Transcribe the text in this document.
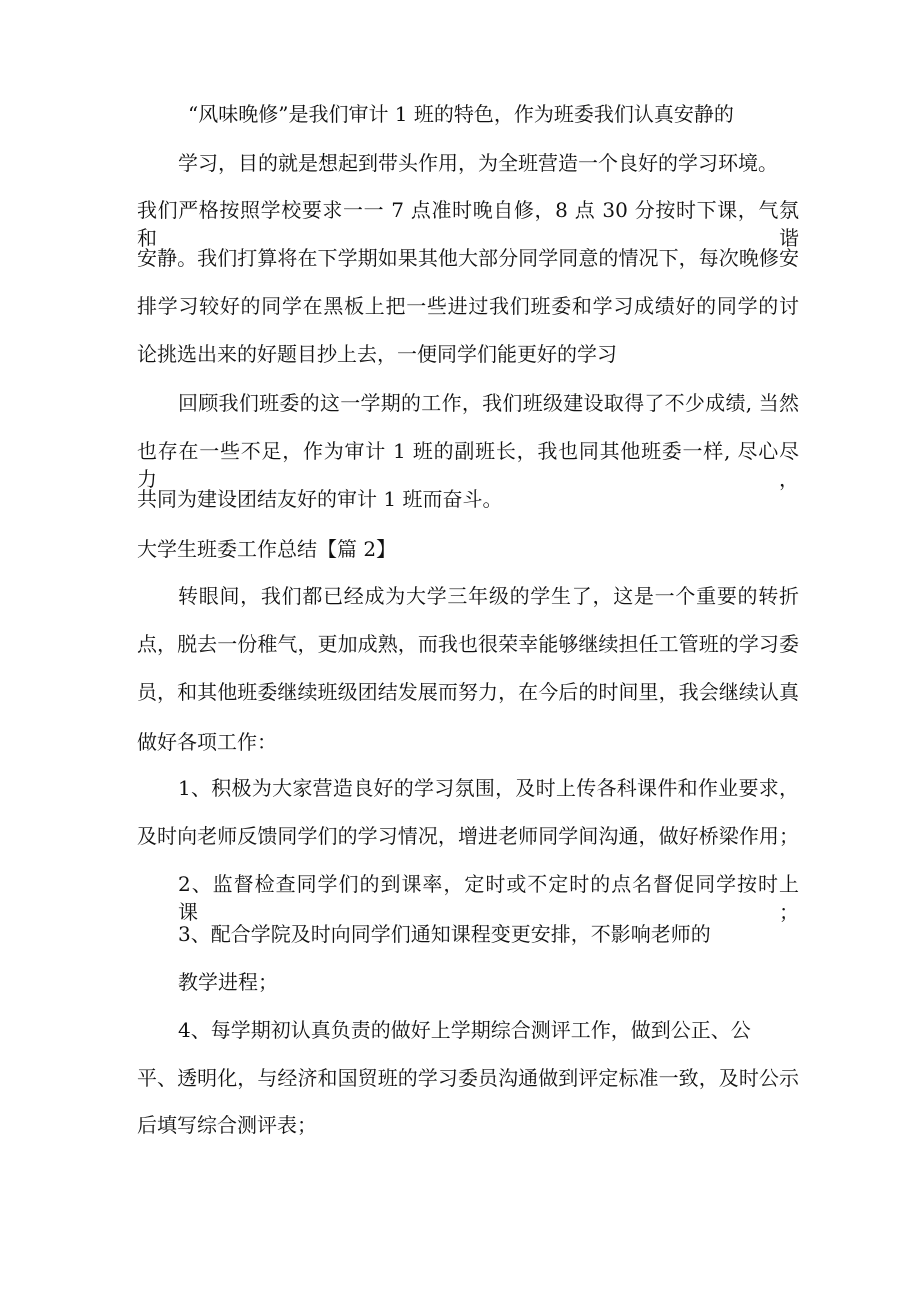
“风味晚修”是我们审计 1 班的特色，作为班委我们认真安静的
学习，目的就是想起到带头作用，为全班营造一个良好的学习环境。
我们严格按照学校要求一一 7 点准时晚自修，8 点 30 分按时下课，气氛和谐
安静。我们打算将在下学期如果其他大部分同学同意的情况下，每次晚修安
排学习较好的同学在黑板上把一些进过我们班委和学习成绩好的同学的讨
论挑选出来的好题目抄上去，一便同学们能更好的学习
回顾我们班委的这一学期的工作，我们班级建设取得了不少成绩, 当然
也存在一些不足，作为审计 1 班的副班长，我也同其他班委一样, 尽心尽力，
共同为建设团结友好的审计 1 班而奋斗。
大学生班委工作总结【篇 2】
转眼间，我们都已经成为大学三年级的学生了，这是一个重要的转折
点，脱去一份稚气，更加成熟，而我也很荣幸能够继续担任工管班的学习委
员，和其他班委继续班级团结发展而努力，在今后的时间里，我会继续认真
做好各项工作：
1、积极为大家营造良好的学习氛围，及时上传各科课件和作业要求，
及时向老师反馈同学们的学习情况，增进老师同学间沟通，做好桥梁作用；
2、监督检查同学们的到课率，定时或不定时的点名督促同学按时上课；
3、配合学院及时向同学们通知课程变更安排，不影响老师的
教学进程；
4、每学期初认真负责的做好上学期综合测评工作，做到公正、公
平、透明化，与经济和国贸班的学习委员沟通做到评定标准一致，及时公示
后填写综合测评表；
